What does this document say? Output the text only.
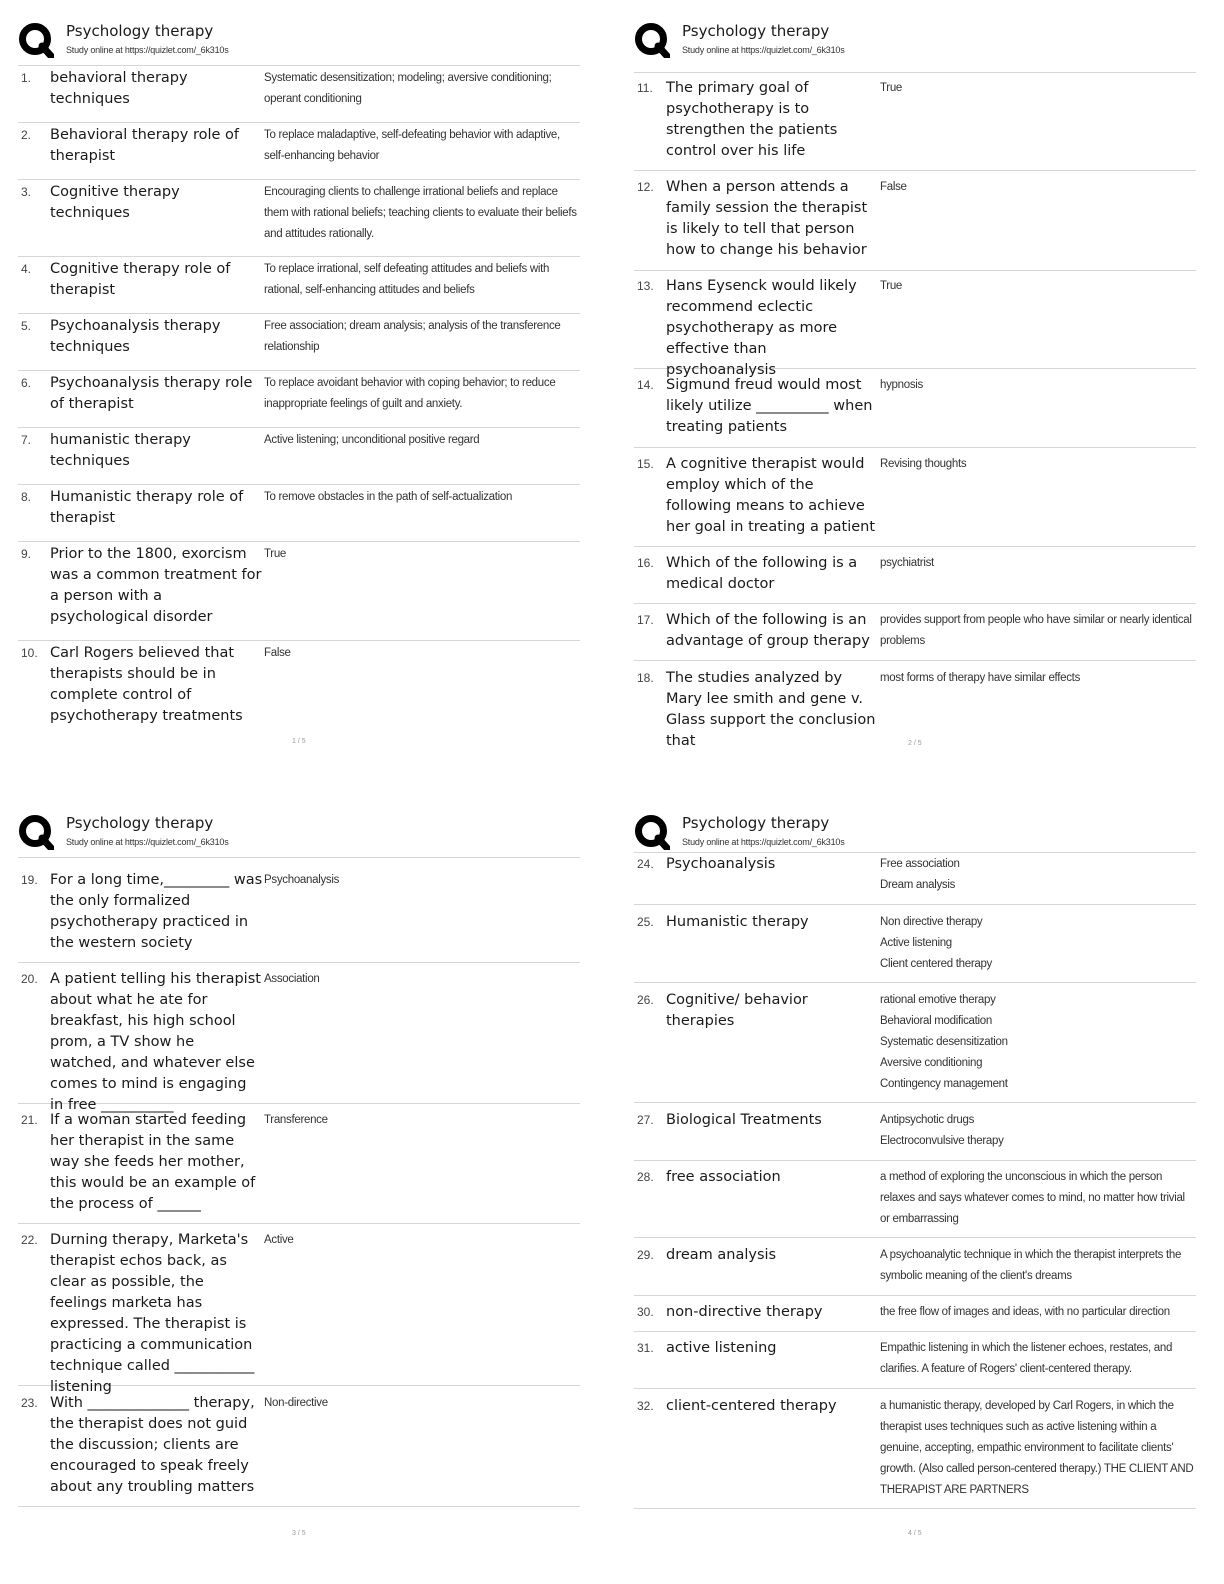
Psychology therapy
Study online at https://quizlet.com/_6k310s
1. behavioral therapy techniques
Systematic desensitization; modeling; aversive conditioning; operant conditioning
2. Behavioral therapy role of therapist
To replace maladaptive, self-defeating behavior with adaptive, self-enhancing behavior
3. Cognitive therapy techniques
Encouraging clients to challenge irrational beliefs and replace them with rational beliefs; teaching clients to evaluate their beliefs and attitudes rationally.
4. Cognitive therapy role of therapist
To replace irrational, self defeating attitudes and beliefs with rational, self-enhancing attitudes and beliefs
5. Psychoanalysis therapy techniques
Free association; dream analysis; analysis of the transference relationship
6. Psychoanalysis therapy role of therapist
To replace avoidant behavior with coping behavior; to reduce inappropriate feelings of guilt and anxiety.
7. humanistic therapy techniques
Active listening; unconditional positive regard
8. Humanistic therapy role of therapist
To remove obstacles in the path of self-actualization
9. Prior to the 1800, exorcism was a common treatment for a person with a psychological disorder
True
10. Carl Rogers believed that therapists should be in complete control of psychotherapy treatments
False
1 / 5
Psychology therapy
Study online at https://quizlet.com/_6k310s
11. The primary goal of psychotherapy is to strengthen the patients control over his life
True
12. When a person attends a family session the therapist is likely to tell that person how to change his behavior
False
13. Hans Eysenck would likely recommend eclectic psychotherapy as more effective than psychoanalysis
True
14. Sigmund freud would most likely utilize __________ when treating patients
hypnosis
15. A cognitive therapist would employ which of the following means to achieve her goal in treating a patient
Revising thoughts
16. Which of the following is a medical doctor
psychiatrist
17. Which of the following is an advantage of group therapy
provides support from people who have similar or nearly identical problems
18. The studies analyzed by Mary lee smith and gene v. Glass support the conclusion that
most forms of therapy have similar effects
2 / 5
Psychology therapy
Study online at https://quizlet.com/_6k310s
19. For a long time,_________ was the only formalized psychotherapy practiced in the western society
Psychoanalysis
20. A patient telling his therapist about what he ate for breakfast, his high school prom, a TV show he watched, and whatever else comes to mind is engaging in free __________
Association
21. If a woman started feeding her therapist in the same way she feeds her mother, this would be an example of the process of ______
Transference
22. Durning therapy, Marketa's therapist echos back, as clear as possible, the feelings marketa has expressed. The therapist is practicing a communication technique called ___________ listening
Active
23. With ______________ therapy, the therapist does not guid the discussion; clients are encouraged to speak freely about any troubling matters
Non-directive
3 / 5
Psychology therapy
Study online at https://quizlet.com/_6k310s
24. Psychoanalysis	Free association
Dream analysis
25. Humanistic therapy	Non directive therapy
Active listening
Client centered therapy
26. Cognitive/ behavior therapies
rational emotive therapy
Behavioral modification
Systematic desensitization
Aversive conditioning
Contingency management
27. Biological Treatments	Antipsychotic drugs
Electroconvulsive therapy
28. free association	a method of exploring the unconscious in which the person relaxes and says whatever comes to mind, no matter how trivial or embarrassing
29. dream analysis	A psychoanalytic technique in which the therapist interprets the symbolic meaning of the client's dreams
30. non-directive therapy	the free flow of images and ideas, with no particular direction
31. active listening	Empathic listening in which the listener echoes, restates, and clarifies. A feature of Rogers' client-centered therapy.
32. client-centered therapy	a humanistic therapy, developed by Carl Rogers, in which the therapist uses techniques such as active listening within a genuine, accepting, empathic environment to facilitate clients' growth. (Also called person-centered therapy.) THE CLIENT AND THERAPIST ARE PARTNERS
4 / 5
